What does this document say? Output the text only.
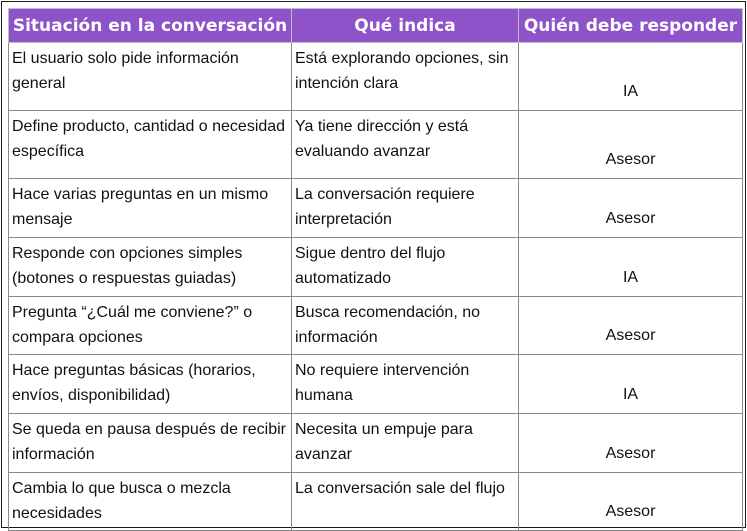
Situación en la conversación	Qué indica	Quién debe responder
El usuario solo pide información general	Está explorando opciones, sin intención clara	IA
Define producto, cantidad o necesidad específica	Ya tiene dirección y está evaluando avanzar	Asesor
Hace varias preguntas en un mismo mensaje	La conversación requiere interpretación	Asesor
Responde con opciones simples (botones o respuestas guiadas)	Sigue dentro del flujo automatizado	IA
Pregunta “¿Cuál me conviene?” o compara opciones	Busca recomendación, no información	Asesor
Hace preguntas básicas (horarios, envíos, disponibilidad)	No requiere intervención humana	IA
Se queda en pausa después de recibir información	Necesita un empuje para avanzar	Asesor
Cambia lo que busca o mezcla necesidades	La conversación sale del flujo	Asesor
